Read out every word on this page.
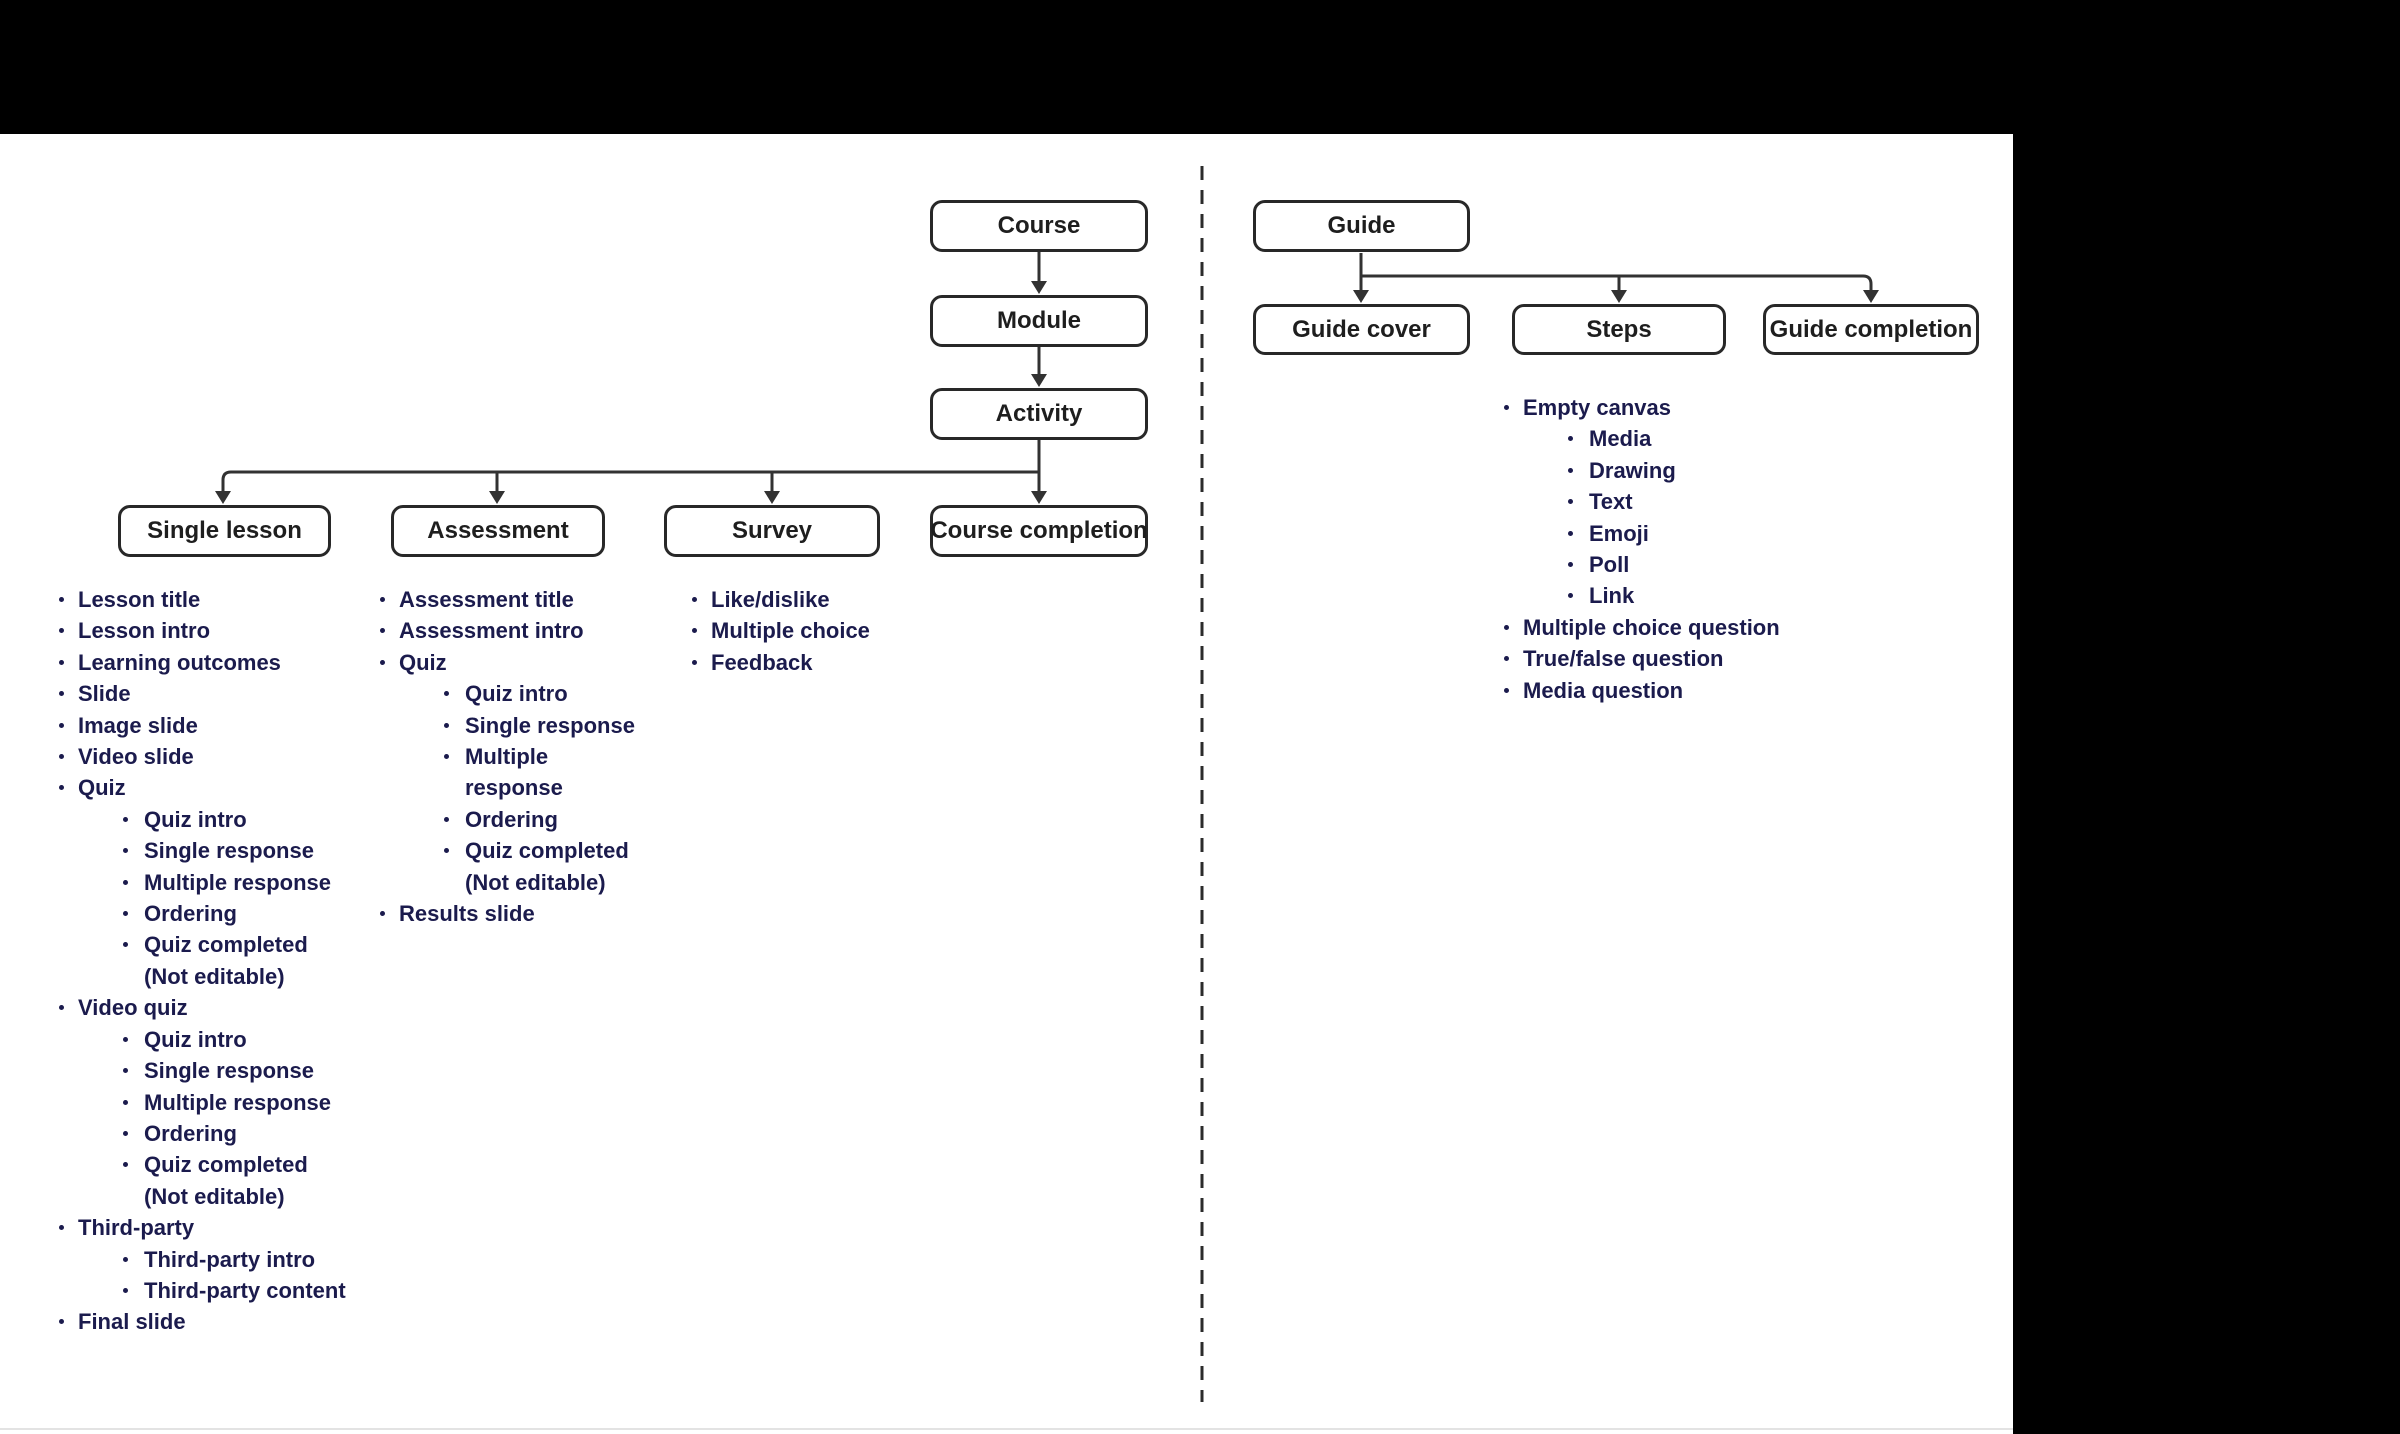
Course
Module
Activity
Single lesson	Assessment	Survey	Course completion
Guide
Guide cover	Steps	Guide completion
Lesson title
Lesson intro
Learning outcomes
Slide
Image slide
Video slide
Quiz
Quiz intro
Single response
Multiple response
Ordering
Quiz completed
(Not editable)
Video quiz
Quiz intro
Single response
Multiple response
Ordering
Quiz completed
(Not editable)
Third-party
Third-party intro
Third-party content
Final slide
Assessment title
Assessment intro
Quiz
Quiz intro
Single response
Multiple
response
Ordering
Quiz completed
(Not editable)
Results slide
Like/dislike
Multiple choice
Feedback
Empty canvas
Media
Drawing
Text
Emoji
Poll
Link
Multiple choice question
True/false question
Media question
